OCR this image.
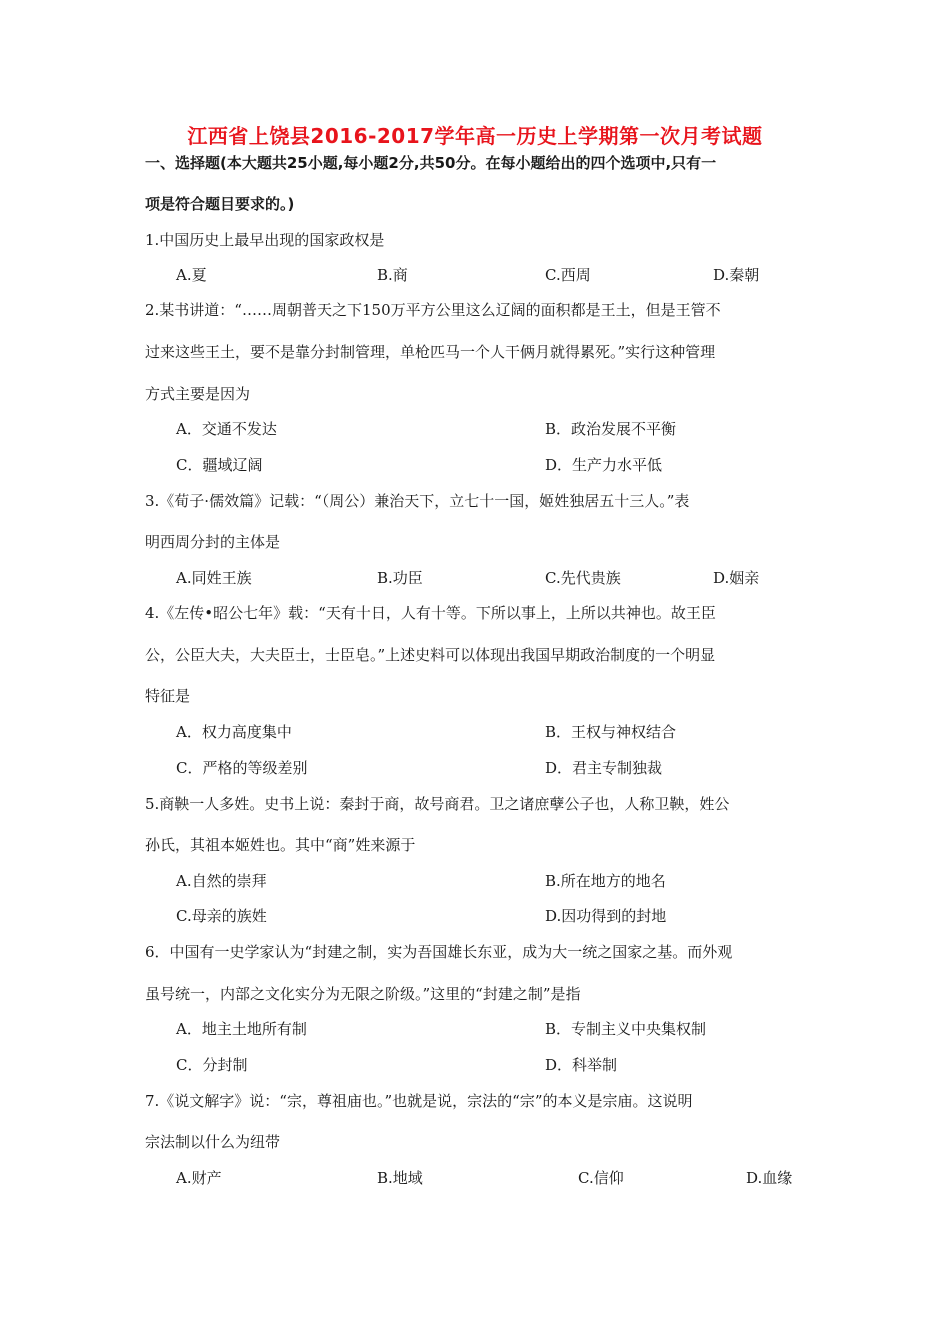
江西省上饶县2016-2017学年高一历史上学期第一次月考试题
一、选择题(本大题共25小题,每小题2分,共50分。在每小题给出的四个选项中,只有一
项是符合题目要求的。)
1.中国历史上最早出现的国家政权是
A.夏	B.商	C.西周	D.秦朝
2.某书讲道：“……周朝普天之下150万平方公里这么辽阔的面积都是王土，但是王管不
过来这些王土，要不是靠分封制管理，单枪匹马一个人干俩月就得累死。”实行这种管理
方式主要是因为
A．交通不发达	B．政治发展不平衡
C．疆域辽阔	D．生产力水平低
3.《荀子·儒效篇》记载：“（周公）兼治天下，立七十一国，姬姓独居五十三人。”表
明西周分封的主体是
A.同姓王族	B.功臣	C.先代贵族	D.姻亲
4.《左传•昭公七年》载：“天有十日，人有十等。下所以事上，上所以共神也。故王臣
公，公臣大夫，大夫臣士，士臣皂。”上述史料可以体现出我国早期政治制度的一个明显
特征是
A．权力高度集中	B．王权与神权结合
C．严格的等级差别	D．君主专制独裁
5.商鞅一人多姓。史书上说：秦封于商，故号商君。卫之诸庶孽公子也，人称卫鞅，姓公
孙氏，其祖本姬姓也。其中“商”姓来源于
A.自然的崇拜	B.所在地方的地名
C.母亲的族姓	D.因功得到的封地
6．中国有一史学家认为“封建之制，实为吾国雄长东亚，成为大一统之国家之基。而外观
虽号统一，内部之文化实分为无限之阶级。”这里的“封建之制”是指
A．地主土地所有制	B．专制主义中央集权制
C．分封制	D．科举制
7.《说文解字》说：“宗，尊祖庙也。”也就是说，宗法的“宗”的本义是宗庙。这说明
宗法制以什么为纽带
A.财产	B.地域	C.信仰	D.血缘
